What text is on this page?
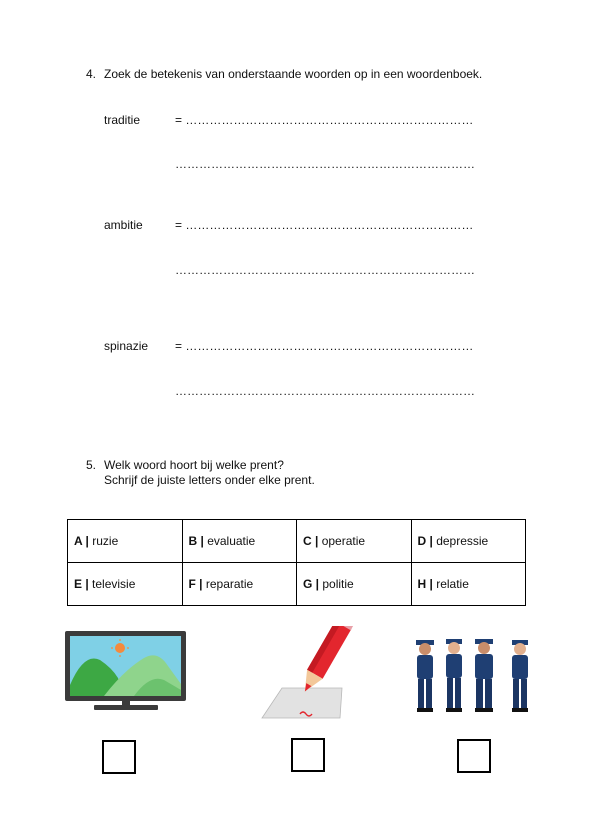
4. Zoek de betekenis van onderstaande woorden op in een woordenboek.
traditie	= ………………………………………………………………
…………………………………………………………………
ambitie	= ………………………………………………………………
…………………………………………………………………
spinazie = ………………………………………………………………
…………………………………………………………………
5. Welk woord hoort bij welke prent?
Schrijf de juiste letters onder elke prent.
A | ruzie	B | evaluatie	C | operatie	D | depressie
E | televisie	F | reparatie	G | politie	H | relatie
